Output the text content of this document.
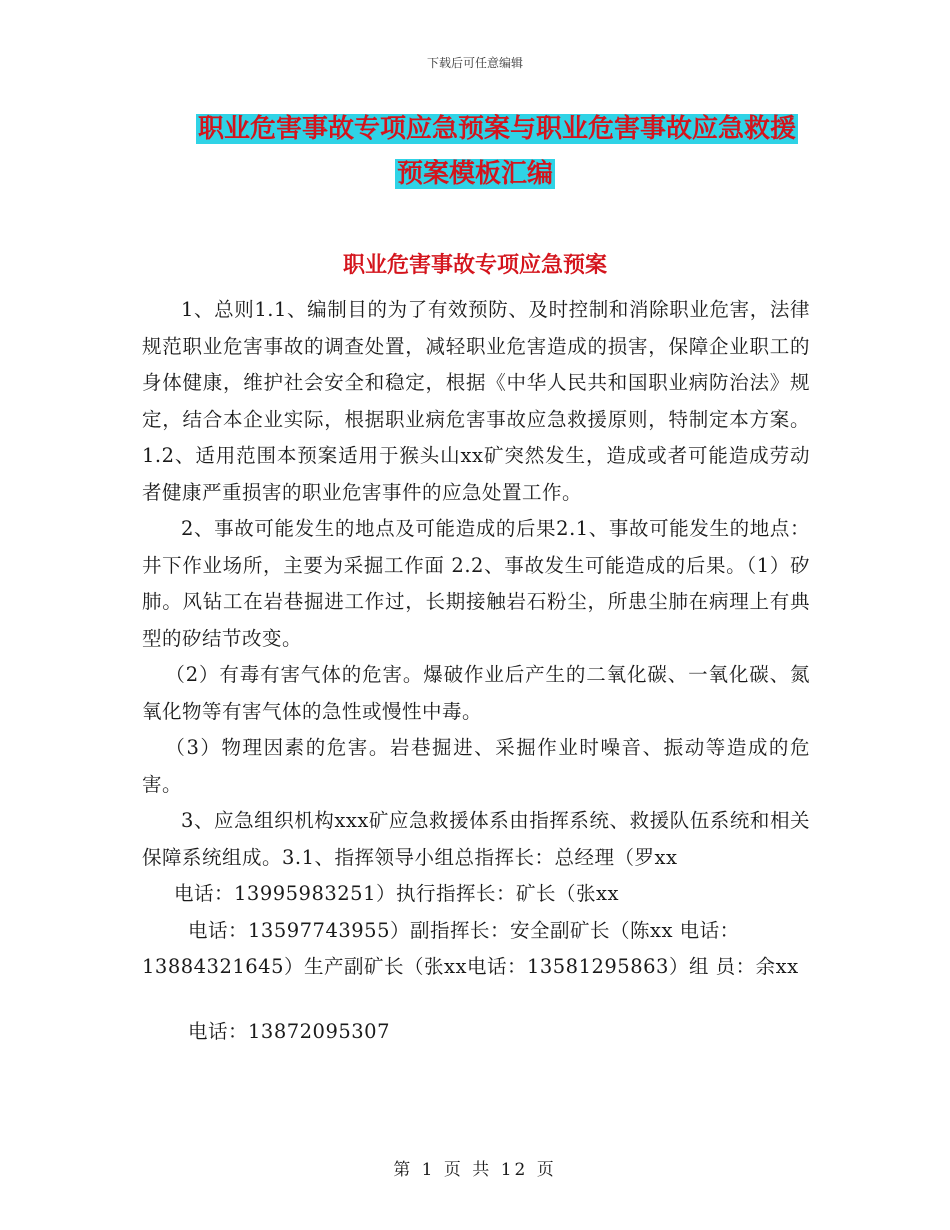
下载后可任意编辑
职业危害事故专项应急预案与职业危害事故应急救援
预案模板汇编
职业危害事故专项应急预案

1、总则1.1、编制目的为了有效预防、及时控制和消除职业危害，法律规范职业危害事故的调查处置，减轻职业危害造成的损害，保障企业职工的身体健康，维护社会安全和稳定，根据《中华人民共和国职业病防治法》规定，结合本企业实际，根据职业病危害事故应急救援原则，特制定本方案。1.2、适用范围本预案适用于猴头山xx矿突然发生，造成或者可能造成劳动者健康严重损害的职业危害事件的应急处置工作。

2、事故可能发生的地点及可能造成的后果2.1、事故可能发生的地点：井下作业场所，主要为采掘工作面 2.2、事故发生可能造成的后果。（1）矽肺。风钻工在岩巷掘进工作过，长期接触岩石粉尘，所患尘肺在病理上有典型的矽结节改变。

（2）有毒有害气体的危害。爆破作业后产生的二氧化碳、一氧化碳、氮氧化物等有害气体的急性或慢性中毒。

（3）物理因素的危害。岩巷掘进、采掘作业时噪音、振动等造成的危害。

3、应急组织机构xxx矿应急救援体系由指挥系统、救援队伍系统和相关保障系统组成。3.1、指挥领导小组总指挥长：总经理（罗xx

电话：13995983251）执行指挥长：矿长（张xx
电话：13597743955）副指挥长：安全副矿长（陈xx 电话：
13884321645）生产副矿长（张xx电话：13581295863）组 员：余xx
电话：13872095307
第 1 页 共 12 页
